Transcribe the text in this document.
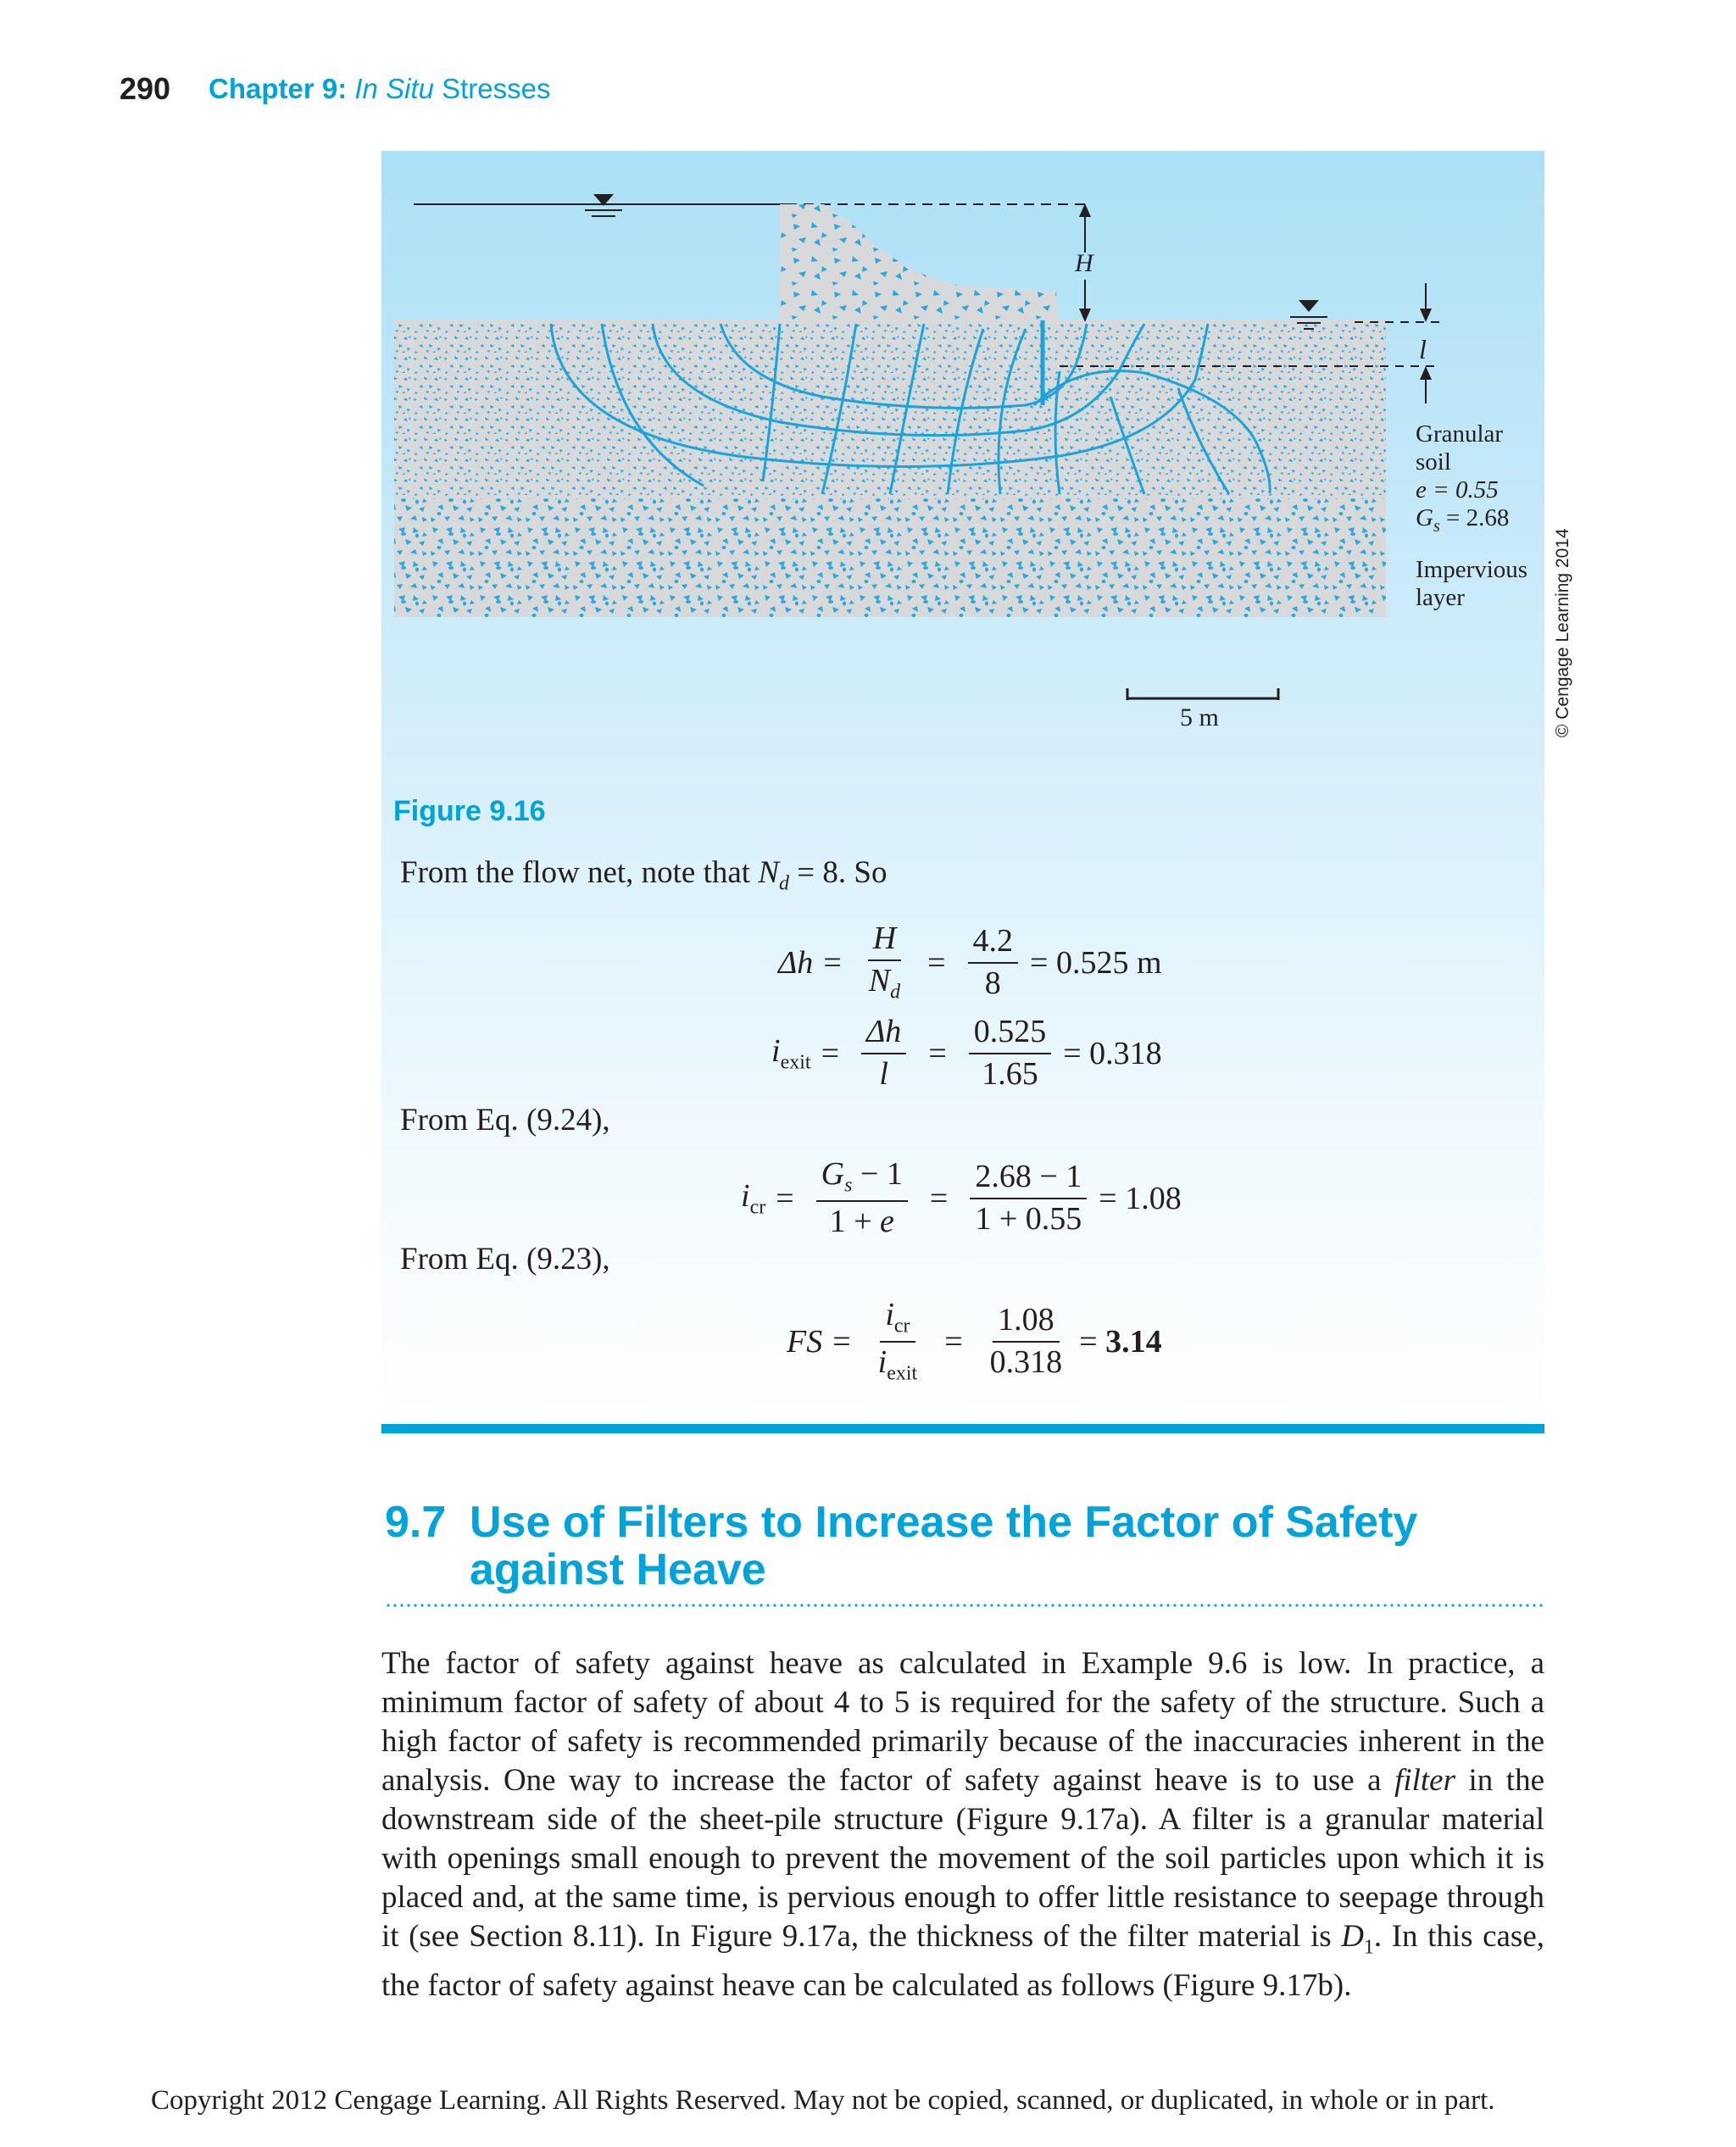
290 Chapter 9: In Situ Stresses
H
l
5 m
Granular
soil
e = 0.55
$G_s = 2.68$
Impervious
layer	© Cengage Learning 2014
Figure 9.16
From the flow net, note that $N_d = 8$. So
$\Delta h = \frac{H}{N_d} = \frac{4.2}{8} = 0.525$ m
$i_{exit} = \frac{\Delta h}{l} = \frac{0.525}{1.65} = 0.318$
From Eq. (9.24),
$i_{cr} = \frac{G_s - 1}{1 + e} = \frac{2.68 - 1}{1 + 0.55} = 1.08$
From Eq. (9.23),
FS = $\frac{i_{cr}}{i_{exit}} = \frac{1.08}{0.318} = 3.14$
9.7 Use of Filters to Increase the Factor of Safety
against Heave
The factor of safety against heave as calculated in Example 9.6 is low. In practice, a minimum factor of safety of about 4 to 5 is required for the safety of the structure. Such a high factor of safety is recommended primarily because of the inaccuracies inherent in the analysis. One way to increase the factor of safety against heave is to use a filter in the downstream side of the sheet-pile structure (Figure 9.17a). A filter is a granular material with openings small enough to prevent the movement of the soil particles upon which it is placed and, at the same time, is pervious enough to offer little resistance to seepage through it (see Section 8.11). In Figure 9.17a, the thickness of the filter material is $D_1$. In this case, the factor of safety against heave can be calculated as follows (Figure 9.17b).
Copyright 2012 Cengage Learning. All Rights Reserved. May not be copied, scanned, or duplicated, in whole or in part.
